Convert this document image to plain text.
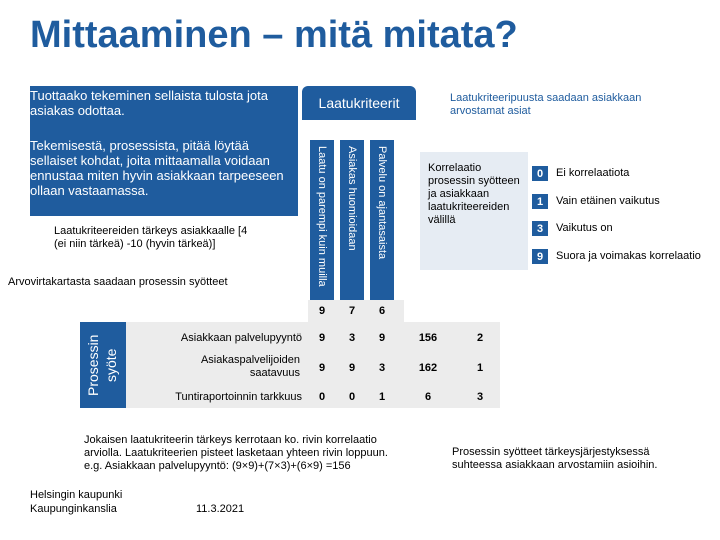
Mittaaminen – mitä mitata?
Tuottaako tekeminen sellaista tulosta jota asiakas odottaa.
Tekemisestä, prosessista, pitää löytää sellaiset kohdat, joita mittaamalla voidaan ennustaa miten hyvin asiakkaan tarpeeseen ollaan vastaamassa.
Laatukriteerit	Laatukriteeripuusta saadaan asiakkaan arvostamat asiat
Laatu on parempi kuin muilla Asiakas huomioidaan Palvelu on ajantasaista
Laatukriteereiden tärkeys asiakkaalle [4 (ei niin tärkeä) -10 (hyvin tärkeä)]
Arvovirtakartasta saadaan prosessin syötteet
9	7	6
Prosessin syöte
Asiakkaan palvelupyyntö	9	3	9	156	2
Asiakaspalvelijoiden saatavuus	9	9	3	162	1
Tuntiraportoinnin tarkkuus	0	0	1	6	3
Korrelaatio prosessin syötteen ja asiakkaan laatukriteereiden välillä
0	Ei korrelaatiota
1	Vain etäinen vaikutus
3	Vaikutus on
9	Suora ja voimakas korrelaatio
Jokaisen laatukriteerin tärkeys kerrotaan ko. rivin korrelaatio arviolla. Laatukriteerien pisteet lasketaan yhteen rivin loppuun. e.g. Asiakkaan palvelupyyntö: (9×9)+(7×3)+(6×9) =156
Prosessin syötteet tärkeysjärjestyksessä suhteessa asiakkaan arvostamiin asioihin.
Helsingin kaupunki
Kaupunginkanslia	11.3.2021
